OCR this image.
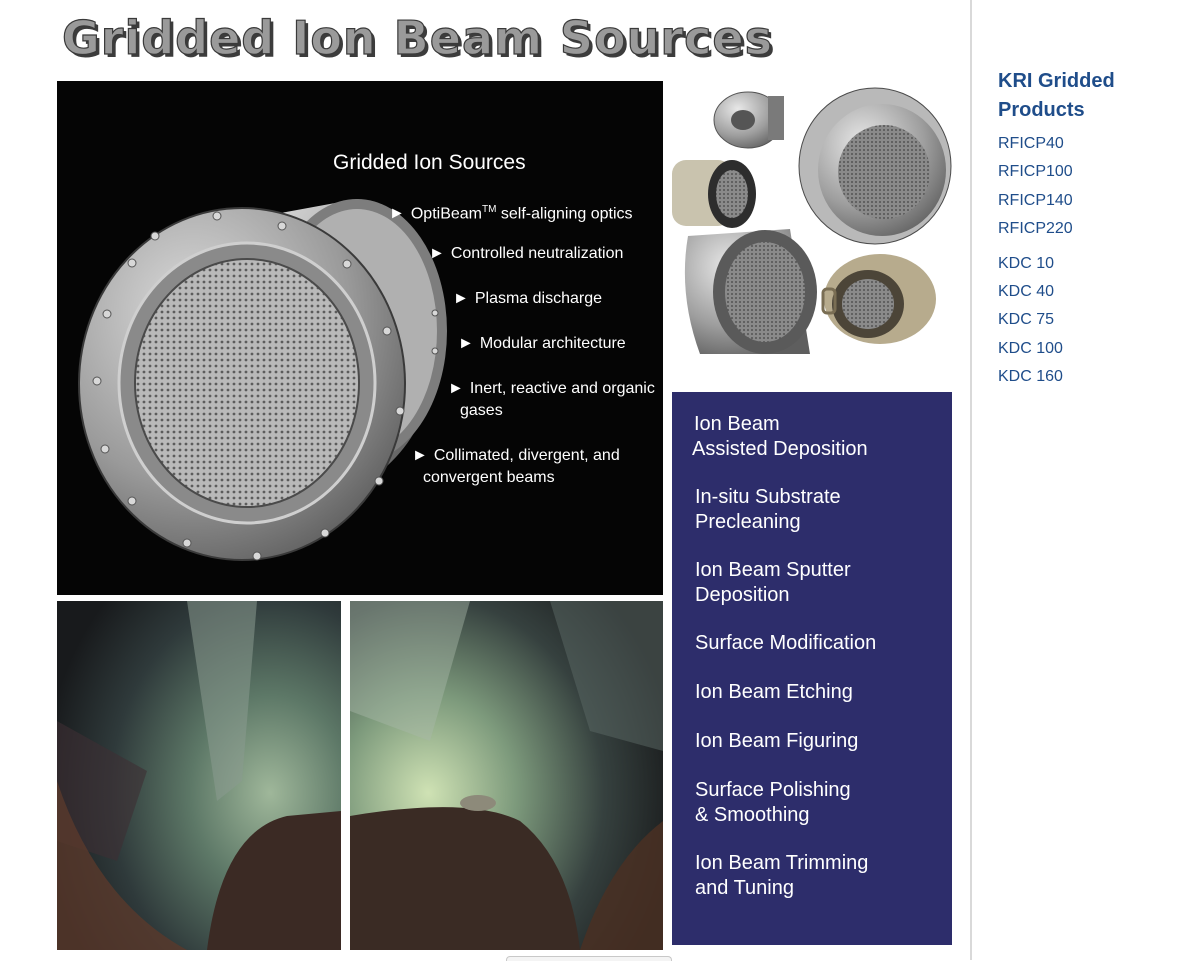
Gridded Ion Beam Sources
Gridded Ion Sources
► OptiBeam™ self-aligning optics
► Controlled neutralization
► Plasma discharge
► Modular architecture
► Inert, reactive and organic
gases
► Collimated, divergent, and
convergent beams
Ion Beam
Assisted Deposition
In-situ Substrate
Precleaning
Ion Beam Sputter
Deposition
Surface Modification
Ion Beam Etching
Ion Beam Figuring
Surface Polishing
& Smoothing
Ion Beam Trimming
and Tuning
KRI Gridded
Products
RFICP40
RFICP100
RFICP140
RFICP220
KDC 10
KDC 40
KDC 75
KDC 100
KDC 160
